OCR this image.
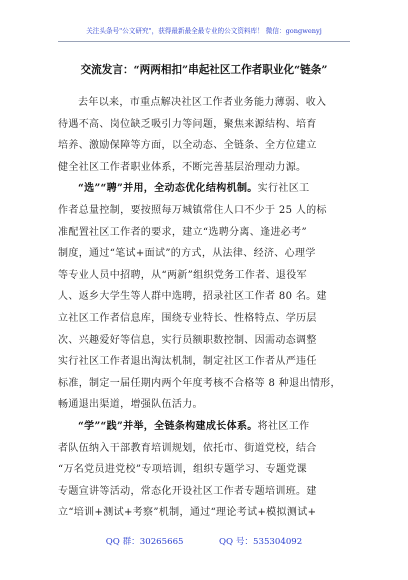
关注头条号"公文研究"，获得最新最全最专业的公文资料库！ 微信：gongwenyj
交流发言：“两两相扣”串起社区工作者职业化“链条”
去年以来，市重点解决社区工作者业务能力薄弱、收入
待遇不高、岗位缺乏吸引力等问题，聚焦来源结构、培育
培养、激励保障等方面，以全动态、全链条、全方位建立
健全社区工作者职业体系，不断完善基层治理动力源。
“选”“聘”并用，全动态优化结构机制。实行社区工
作者总量控制，要按照每万城镇常住人口不少于 25 人的标
准配置社区工作者的要求，建立“选聘分离、逢进必考”
制度，通过“笔试+面试”的方式，从法律、经济、心理学
等专业人员中招聘，从“两新”组织党务工作者、退役军
人、返乡大学生等人群中选聘，招录社区工作者 80 名。建
立社区工作者信息库，围绕专业特长、性格特点、学历层
次、兴趣爱好等信息，实行员额职数控制、因需动态调整
实行社区工作者退出淘汰机制，制定社区工作者从严违任
标准，制定一届任期内两个年度考核不合格等 8 种退出情形，
畅通退出渠道，增强队伍活力。
“学”“践”并举，全链条构建成长体系。将社区工作
者队伍纳入干部教育培训规划，依托市、街道党校，结合
“万名党员进党校”专项培训，组织专题学习、专题党课
专题宣讲等活动，常态化开设社区工作者专题培训班。建
立“培训+测试+考察”机制，通过“理论考试+模拟测试+
QQ 群：30265665	QQ 号：535304092
